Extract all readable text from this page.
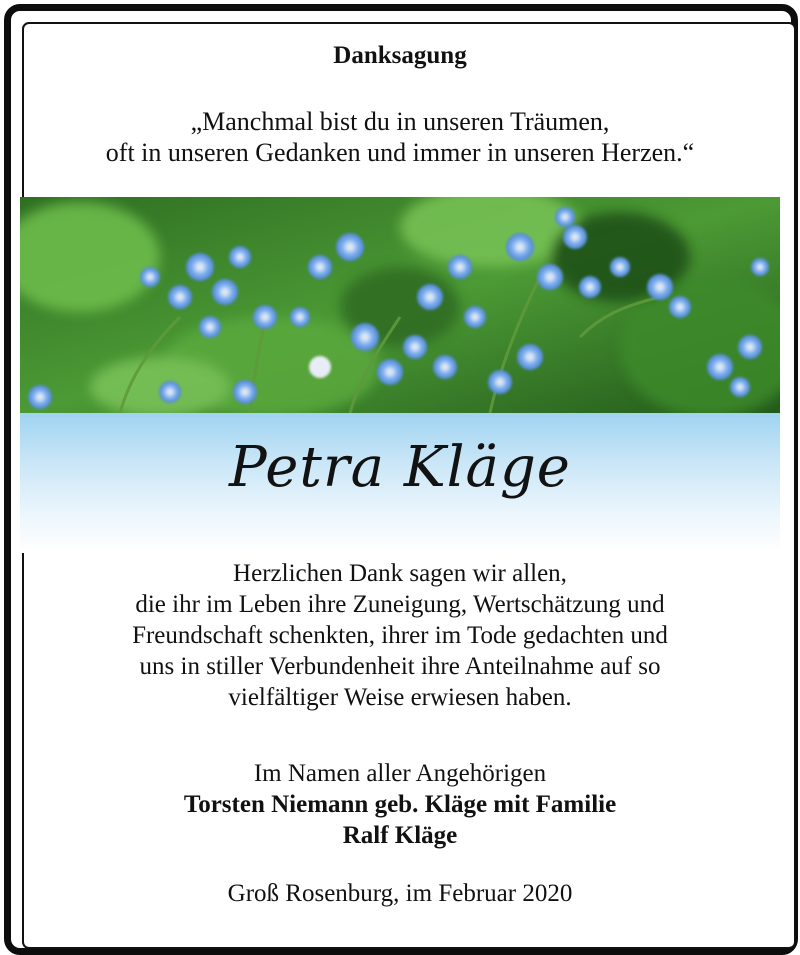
Danksagung
„Manchmal bist du in unseren Träumen,
oft in unseren Gedanken und immer in unseren Herzen.“
Petra Kläge
Herzlichen Dank sagen wir allen,
die ihr im Leben ihre Zuneigung, Wertschätzung und
Freundschaft schenkten, ihrer im Tode gedachten und
uns in stiller Verbundenheit ihre Anteilnahme auf so
vielfältiger Weise erwiesen haben.
Im Namen aller Angehörigen
Torsten Niemann geb. Kläge mit Familie
Ralf Kläge
Groß Rosenburg, im Februar 2020
